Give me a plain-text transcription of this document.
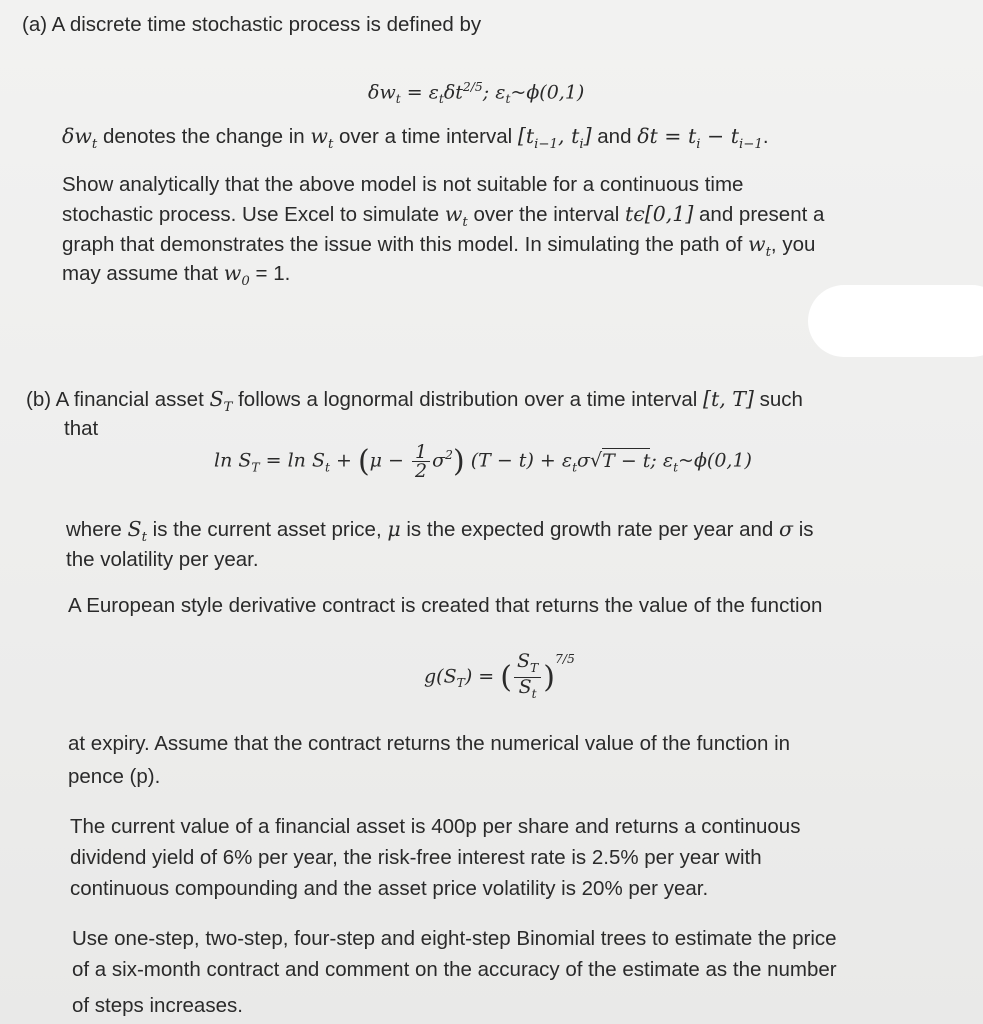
(a) A discrete time stochastic process is defined by
$\delta w_t = \varepsilon_t\delta t^{2/5}$; $\varepsilon_t\sim\phi(0,1)$
$\delta w_t$ denotes the change in $w_t$ over a time interval [$t_{i-1}$, $t_i$] and $\delta t = t_i - t_{i-1}$.
Show analytically that the above model is not suitable for a continuous time
stochastic process. Use Excel to simulate $w_t$ over the interval tϵ[0,1] and present a
graph that demonstrates the issue with this model. In simulating the path of $w_t$, you
may assume that $w_0 = 1$.
(b) A financial asset $S_T$ follows a lognormal distribution over a time interval [t, T] such
that
$\ln S_T = \ln S_t + (\mu - \frac{1}{2} \sigma^2) (T - t) + \varepsilon_t\sigma√T - t$; $\varepsilon_t\sim\phi(0,1)$
where $S_t$ is the current asset price, μ is the expected growth rate per year and σ is
the volatility per year.
A European style derivative contract is created that returns the value of the function
$g(S_T)$ = ( $\frac{S_T}{S_t} )^{7/5}$
at expiry. Assume that the contract returns the numerical value of the function in
pence (p).
The current value of a financial asset is 400p per share and returns a continuous
dividend yield of 6% per year, the risk-free interest rate is 2.5% per year with
continuous compounding and the asset price volatility is 20% per year.
Use one-step, two-step, four-step and eight-step Binomial trees to estimate the price
of a six-month contract and comment on the accuracy of the estimate as the number
of steps increases.
